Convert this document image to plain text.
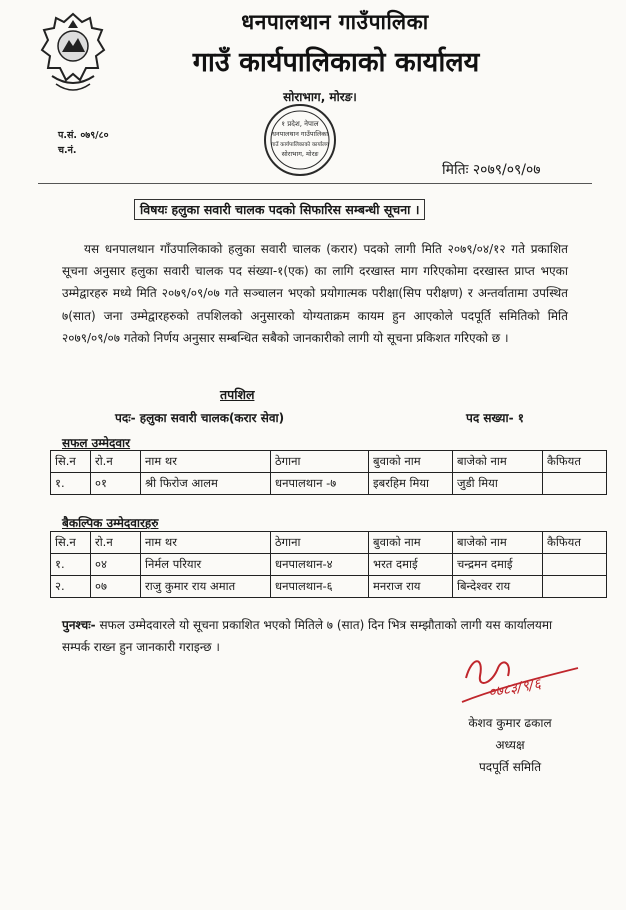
धनपालथान गाउँपालिका
गाउँ कार्यपालिकाको कार्यालय
सोराभाग, मोरङ।
१ प्रदेश, नेपाल
धनपालथान गाउँपालिका
गाउँ कार्यपालिकाको कार्यालय
सोराभाग, मोरङ
प.सं. ०७९/८०
च.नं.
मितिः २०७९/०९/०७
विषयः हलुका सवारी चालक पदको सिफारिस सम्बन्धी सूचना ।
यस धनपालथान गाँउपालिकाको हलुका सवारी चालक (करार) पदको लागी मिति २०७९/०४/१२ गते प्रकाशित सूचना अनुसार हलुका सवारी चालक पद संख्या-१(एक) का लागि दरखास्त माग गरिएकोमा दरखास्त प्राप्त भएका उम्मेद्वारहरु मध्ये मिति २०७९/०९/०७ गते सञ्चालन भएको प्रयोगात्मक परीक्षा(सिप परीक्षण) र अन्तर्वातामा उपस्थित ७(सात) जना उम्मेद्वारहरुको तपशिलको अनुसारको योग्यताक्रम कायम हुन आएकोले पदपूर्ति समितिको मिति २०७९/०९/०७ गतेको निर्णय अनुसार सम्बन्धित सबैको जानकारीको लागी यो सूचना प्रकिशत गरिएको छ ।
तपशिल
पदः- हलुका सवारी चालक(करार सेवा)	पद सख्या- १
सफल उम्मेदवार
सि.न	रो.न	नाम थर	ठेगाना	बुवाको नाम	बाजेको नाम	कैफियत
१.	०१	श्री फिरोज आलम	धनपालथान -७	इबरहिम मिया	जुडी मिया	
बैकल्पिक उम्मेदवारहरु
सि.न	रो.न	नाम थर	ठेगाना	बुवाको नाम	बाजेको नाम	कैफियत
१.	०४	निर्मल परियार	धनपालथान-४	भरत दमाई	चन्द्रमन दमाई	
२.	०७	राजु कुमार राय अमात	धनपालथान-६	मनराज राय	बिन्देश्वर राय	
पुनश्चः- सफल उम्मेदवारले यो सूचना प्रकाशित भएको मितिले ७ (सात) दिन भित्र सम्झौताको लागी यस कार्यालयमा सम्पर्क राख्न हुन जानकारी गराइन्छ ।
०७८३/९/६
केशव कुमार ढकाल
अध्यक्ष
पदपूर्ति समिति
